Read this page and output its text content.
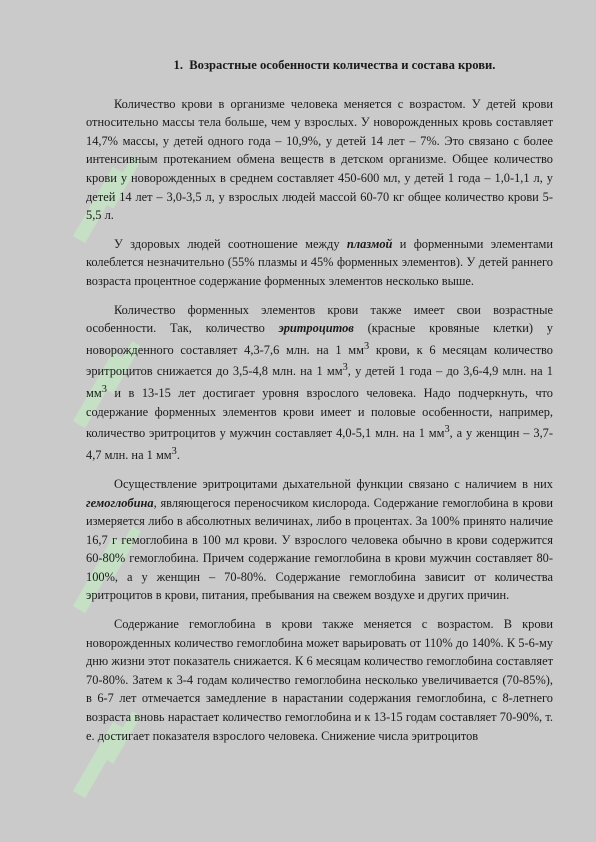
1. Возрастные особенности количества и состава крови.

Количество крови в организме человека меняется с возрастом. У детей крови относительно массы тела больше, чем у взрослых. У новорожденных кровь составляет 14,7% массы, у детей одного года – 10,9%, у детей 14 лет – 7%. Это связано с более интенсивным протеканием обмена веществ в детском организме. Общее количество крови у новорожденных в среднем составляет 450-600 мл, у детей 1 года – 1,0-1,1 л, у детей 14 лет – 3,0-3,5 л, у взрослых людей массой 60-70 кг общее количество крови 5-5,5 л.

У здоровых людей соотношение между плазмой и форменными элементами колеблется незначительно (55% плазмы и 45% форменных элементов). У детей раннего возраста процентное содержание форменных элементов несколько выше.

Количество форменных элементов крови также имеет свои возрастные особенности. Так, количество эритроцитов (красные кровяные клетки) у новорожденного составляет 4,3-7,6 млн. на 1 $мм^3$ крови, к 6 месяцам количество эритроцитов снижается до 3,5-4,8 млн. на 1 $мм^3$, у детей 1 года – до 3,6-4,9 млн. на 1 $мм^3$ и в 13-15 лет достигает уровня взрослого человека. Надо подчеркнуть, что содержание форменных элементов крови имеет и половые особенности, например, количество эритроцитов у мужчин составляет 4,0-5,1 млн. на 1 $мм^3$, а у женщин – 3,7-4,7 млн. на 1 $мм^3$.

Осуществление эритроцитами дыхательной функции связано с наличием в них гемоглобина, являющегося переносчиком кислорода. Содержание гемоглобина в крови измеряется либо в абсолютных величинах, либо в процентах. За 100% принято наличие 16,7 г гемоглобина в 100 мл крови. У взрослого человека обычно в крови содержится 60-80% гемоглобина. Причем содержание гемоглобина в крови мужчин составляет 80-100%, а у женщин – 70-80%. Содержание гемоглобина зависит от количества эритроцитов в крови, питания, пребывания на свежем воздухе и других причин.

Содержание гемоглобина в крови также меняется с возрастом. В крови новорожденных количество гемоглобина может варьировать от 110% до 140%. К 5-6-му дню жизни этот показатель снижается. К 6 месяцам количество гемоглобина составляет 70-80%. Затем к 3-4 годам количество гемоглобина несколько увеличивается (70-85%), в 6-7 лет отмечается замедление в нарастании содержания гемоглобина, с 8-летнего возраста вновь нарастает количество гемоглобина и к 13-15 годам составляет 70-90%, т. е. достигает показателя взрослого человека. Снижение числа эритроцитов
